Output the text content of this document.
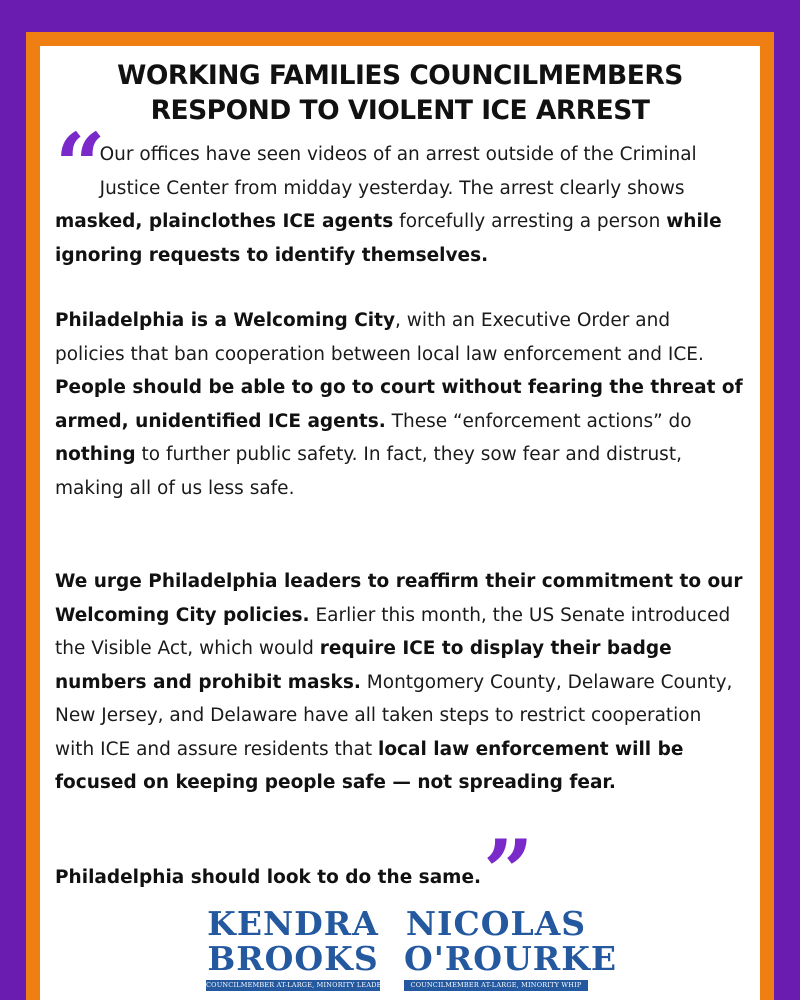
WORKING FAMILIES COUNCILMEMBERS
RESPOND TO VIOLENT ICE ARREST
“ Our offices have seen videos of an arrest outside of the Criminal Justice Center from midday yesterday. The arrest clearly shows masked, plainclothes ICE agents forcefully arresting a person while ignoring requests to identify themselves.
Philadelphia is a Welcoming City, with an Executive Order and policies that ban cooperation between local law enforcement and ICE. People should be able to go to court without fearing the threat of armed, unidentified ICE agents. These “enforcement actions” do nothing to further public safety. In fact, they sow fear and distrust, making all of us less safe.
We urge Philadelphia leaders to reaffirm their commitment to our Welcoming City policies. Earlier this month, the US Senate introduced the Visible Act, which would require ICE to display their badge numbers and prohibit masks. Montgomery County, Delaware County, New Jersey, and Delaware have all taken steps to restrict cooperation with ICE and assure residents that local law enforcement will be focused on keeping people safe — not spreading fear.
Philadelphia should look to do the same.”
KENDRA
BROOKS
COUNCILMEMBER AT-LARGE, MINORITY LEADER
NICOLAS
O'ROURKE
COUNCILMEMBER AT-LARGE, MINORITY WHIP
